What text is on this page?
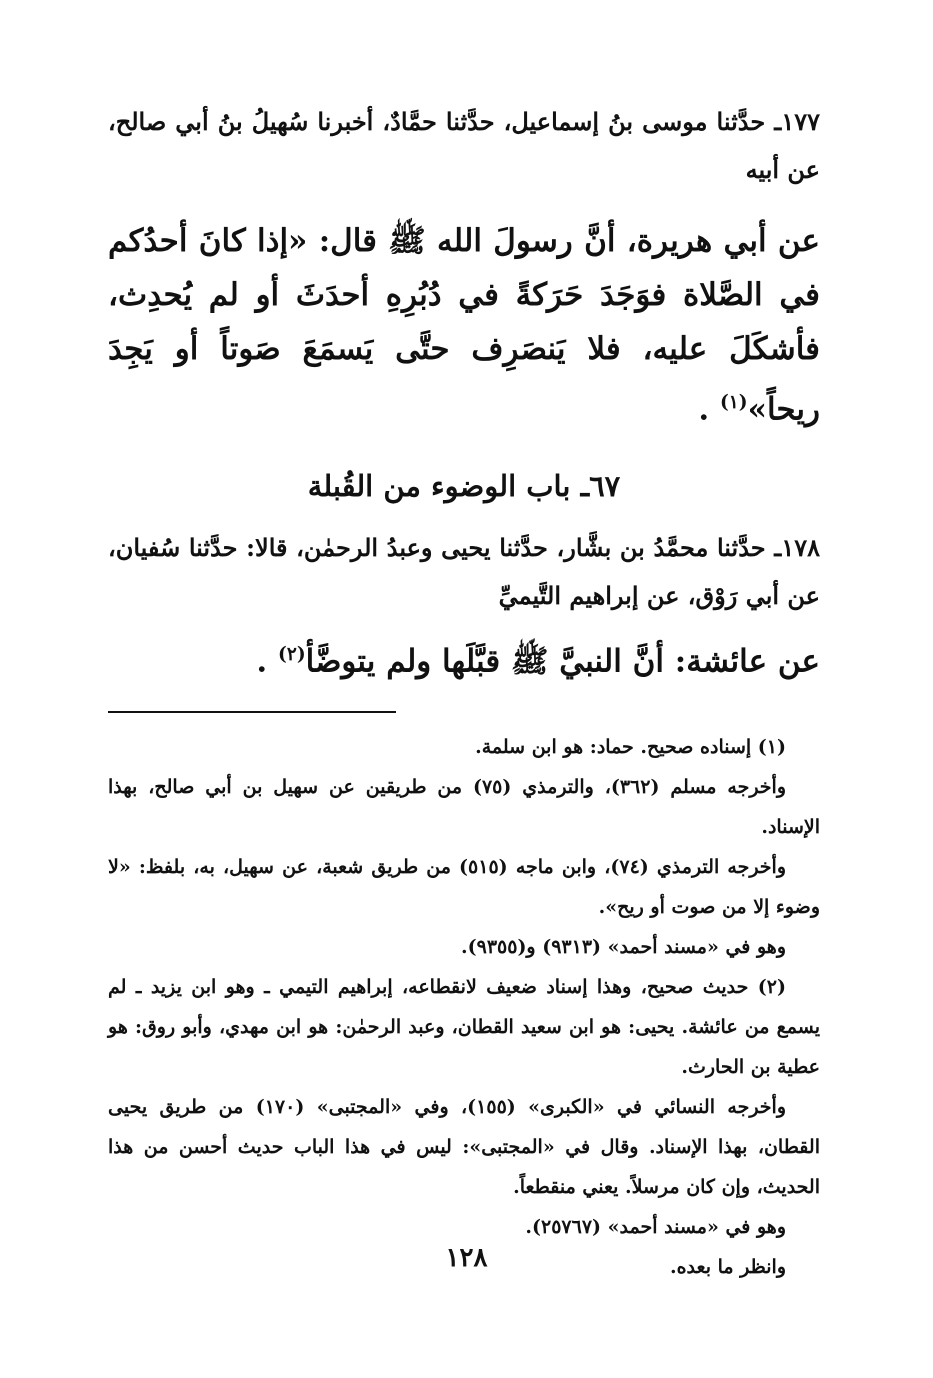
١٧٧ـ حدَّثنا موسى بنُ إسماعيل، حدَّثنا حمَّادٌ، أخبرنا سُهيلُ بنُ أبي صالح، عن أبيه

عن أبي هريرة، أنَّ رسولَ الله ﷺ قال: «إذا كانَ أحدُكم في الصَّلاة فوَجَدَ حَرَكةً في دُبُرِهِ أحدَثَ أو لم يُحدِث، فأشكَلَ عليه، فلا يَنصَرِف حتَّى يَسمَعَ صَوتاً أو يَجِدَ ريحاً»$^{(١)}$ .

٦٧ـ باب الوضوء من القُبلة

١٧٨ـ حدَّثنا محمَّدُ بن بشَّار، حدَّثنا يحيى وعبدُ الرحمٰن، قالا: حدَّثنا سُفيان، عن أبي رَوْق، عن إبراهيم التَّيميِّ

عن عائشة: أنَّ النبيَّ ﷺ قبَّلَها ولم يتوضَّأ$^{(٢)}$ .

(١) إسناده صحيح. حماد: هو ابن سلمة.

وأخرجه مسلم (٣٦٢)، والترمذي (٧٥) من طريقين عن سهيل بن أبي صالح، بهذا الإسناد.

وأخرجه الترمذي (٧٤)، وابن ماجه (٥١٥) من طريق شعبة، عن سهيل، به، بلفظ: «لا وضوء إلا من صوت أو ريح».

وهو في «مسند أحمد» (٩٣١٣) و(٩٣٥٥).

(٢) حديث صحيح، وهذا إسناد ضعيف لانقطاعه، إبراهيم التيمي ـ وهو ابن يزيد ـ لم يسمع من عائشة. يحيى: هو ابن سعيد القطان، وعبد الرحمٰن: هو ابن مهدي، وأبو روق: هو عطية بن الحارث.

وأخرجه النسائي في «الكبرى» (١٥٥)، وفي «المجتبى» (١٧٠) من طريق يحيى القطان، بهذا الإسناد. وقال في «المجتبى»: ليس في هذا الباب حديث أحسن من هذا الحديث، وإن كان مرسلاً. يعني منقطعاً.

وهو في «مسند أحمد» (٢٥٧٦٧).

وانظر ما بعده.

١٢٨
